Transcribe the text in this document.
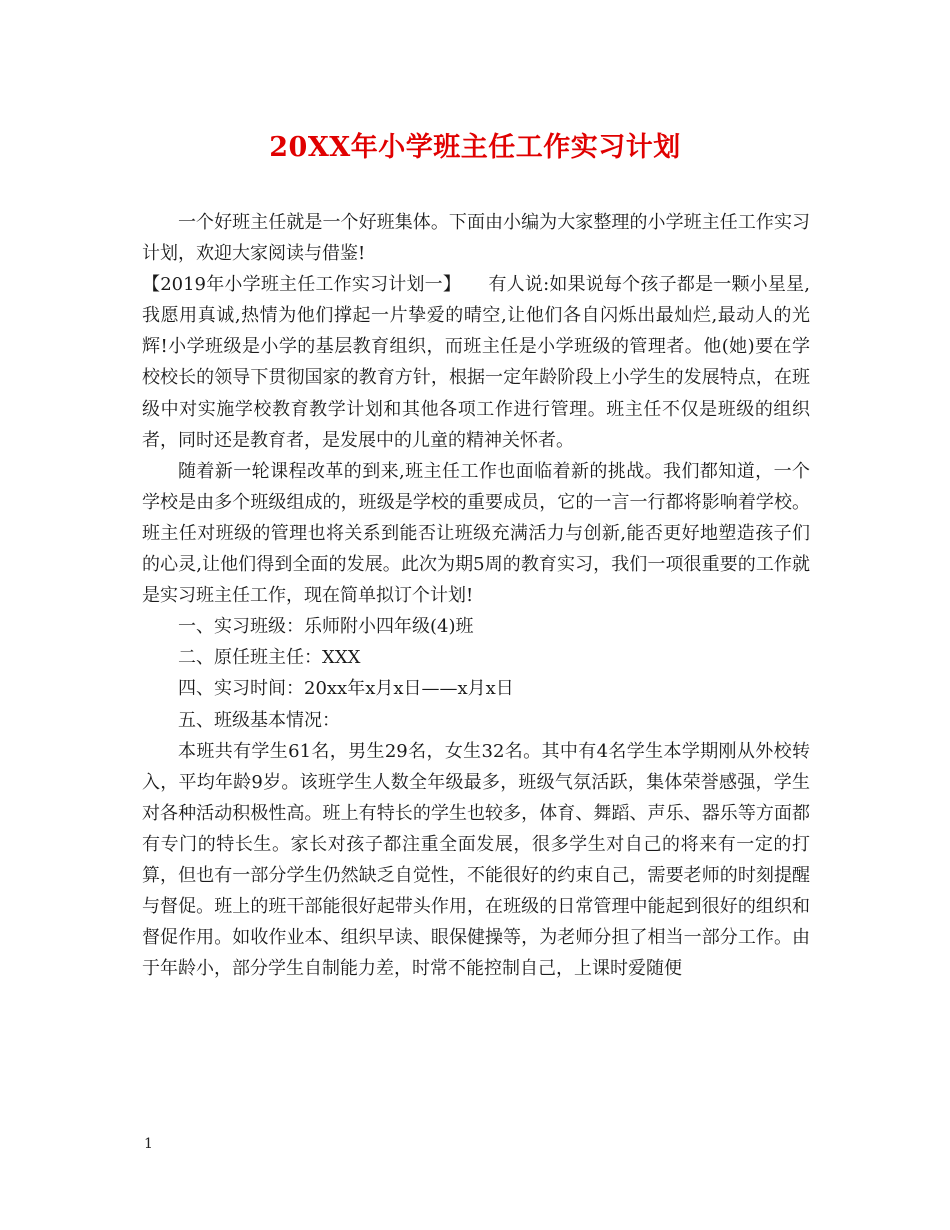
20XX年小学班主任工作实习计划

一个好班主任就是一个好班集体。下面由小编为大家整理的小学班主任工作实习计划，欢迎大家阅读与借鉴!

【2019年小学班主任工作实习计划一】　　有人说:如果说每个孩子都是一颗小星星,我愿用真诚,热情为他们撑起一片挚爱的晴空,让他们各自闪烁出最灿烂,最动人的光辉!小学班级是小学的基层教育组织，而班主任是小学班级的管理者。他(她)要在学校校长的领导下贯彻国家的教育方针，根据一定年龄阶段上小学生的发展特点，在班级中对实施学校教育教学计划和其他各项工作进行管理。班主任不仅是班级的组织者，同时还是教育者，是发展中的儿童的精神关怀者。

随着新一轮课程改革的到来,班主任工作也面临着新的挑战。我们都知道，一个学校是由多个班级组成的，班级是学校的重要成员，它的一言一行都将影响着学校。班主任对班级的管理也将关系到能否让班级充满活力与创新,能否更好地塑造孩子们的心灵,让他们得到全面的发展。此次为期5周的教育实习，我们一项很重要的工作就是实习班主任工作，现在简单拟订个计划!

一、实习班级：乐师附小四年级(4)班

二、原任班主任：XXX

四、实习时间：20xx年x月x日——x月x日

五、班级基本情况：

本班共有学生61名，男生29名，女生32名。其中有4名学生本学期刚从外校转入，平均年龄9岁。该班学生人数全年级最多，班级气氛活跃，集体荣誉感强，学生对各种活动积极性高。班上有特长的学生也较多，体育、舞蹈、声乐、器乐等方面都有专门的特长生。家长对孩子都注重全面发展，很多学生对自己的将来有一定的打算，但也有一部分学生仍然缺乏自觉性，不能很好的约束自己，需要老师的时刻提醒与督促。班上的班干部能很好起带头作用，在班级的日常管理中能起到很好的组织和督促作用。如收作业本、组织早读、眼保健操等，为老师分担了相当一部分工作。由于年龄小，部分学生自制能力差，时常不能控制自己，上课时爱随便

1
